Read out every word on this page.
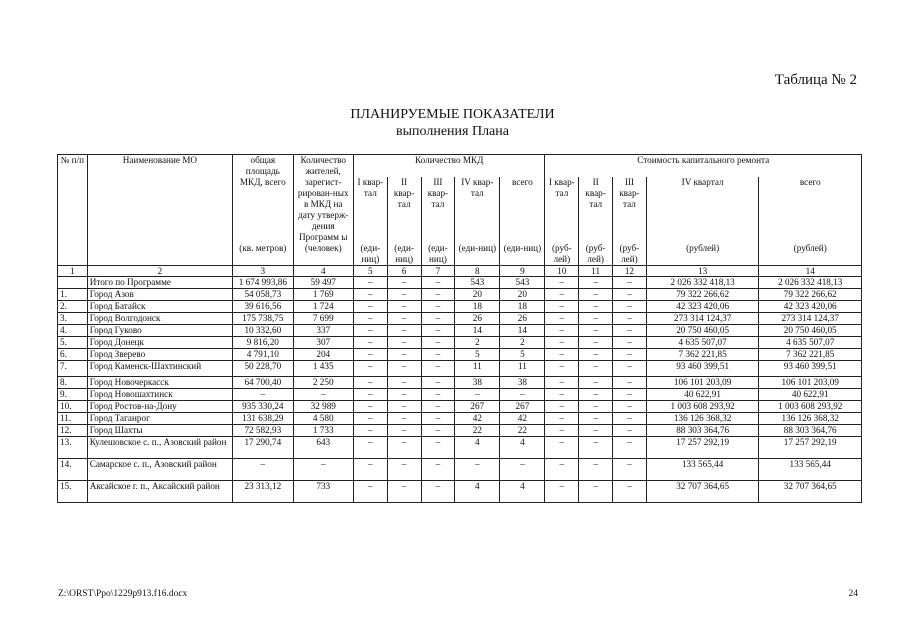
Таблица № 2
ПЛАНИРУЕМЫЕ ПОКАЗАТЕЛИ
выполнения Плана
№ п/п	Наименование МО	общая площадь МКД, всего	Количество жителей, зарегист-рирован-ных в МКД на дату утверж-дения Программ ы	Количество МКД					Стоимость капитального ремонта				
				I квар-тал	II квар-тал	III квар-тал	IV квар-тал	всего	I квар-тал	II квар-тал	III квар-тал	IV квартал	всего
		(кв. метров)	(человек)	(еди-ниц)	(еди-ниц)	(еди-ниц)	(еди-ниц)	(еди-ниц)	(руб-лей)	(руб-лей)	(руб-лей)	(рублей)	(рублей)
1	2	3	4	5	6	7	8	9	10	11	12	13	14
	Итого по Программе	1 674 993,86	59 497	–	–	–	543	543	–	–	–	2 026 332 418,13	2 026 332 418,13
1.	Город Азов	54 058,73	1 769	–	–	–	20	20	–	–	–	79 322 266,62	79 322 266,62
2.	Город Батайск	39 616,56	1 724	–	–	–	18	18	–	–	–	42 323 420,06	42 323 420,06
3.	Город Волгодонск	175 738,75	7 699	–	–	–	26	26	–	–	–	273 314 124,37	273 314 124,37
4.	Город Гуково	10 332,60	337	–	–	–	14	14	–	–	–	20 750 460,05	20 750 460,05
5.	Город Донецк	9 816,20	307	–	–	–	2	2	–	–	–	4 635 507,07	4 635 507,07
6.	Город Зверево	4 791,10	204	–	–	–	5	5	–	–	–	7 362 221,85	7 362 221,85
7.	Город Каменск-Шахтинский	50 228,70	1 435	–	–	–	11	11	–	–	–	93 460 399,51	93 460 399,51
8.	Город Новочеркасск	64 700,40	2 250	–	–	–	38	38	–	–	–	106 101 203,09	106 101 203,09
9.	Город Новошахтинск	–	–	–	–	–	–	–	–	–	–	40 622,91	40 622,91
10.	Город Ростов-на-Дону	935 330,24	32 989	–	–	–	267	267	–	–	–	1 003 608 293,92	1 003 608 293,92
11.	Город Таганрог	131 638,29	4 580	–	–	–	42	42	–	–	–	136 126 368,32	136 126 368,32
12.	Город Шахты	72 582,93	1 733	–	–	–	22	22	–	–	–	88 303 364,76	88 303 364,76
13.	Кулешовское с. п., Азовский район	17 290,74	643	–	–	–	4	4	–	–	–	17 257 292,19	17 257 292,19
14.	Самарское с. п., Азовский район	–	–	–	–	–	–	–	–	–	–	133 565,44	133 565,44
15.	Аксайское г. п., Аксайский район	23 313,12	733	–	–	–	4	4	–	–	–	32 707 364,65	32 707 364,65
Z:\ORST\Ppo\1229p913.f16.docx	24
